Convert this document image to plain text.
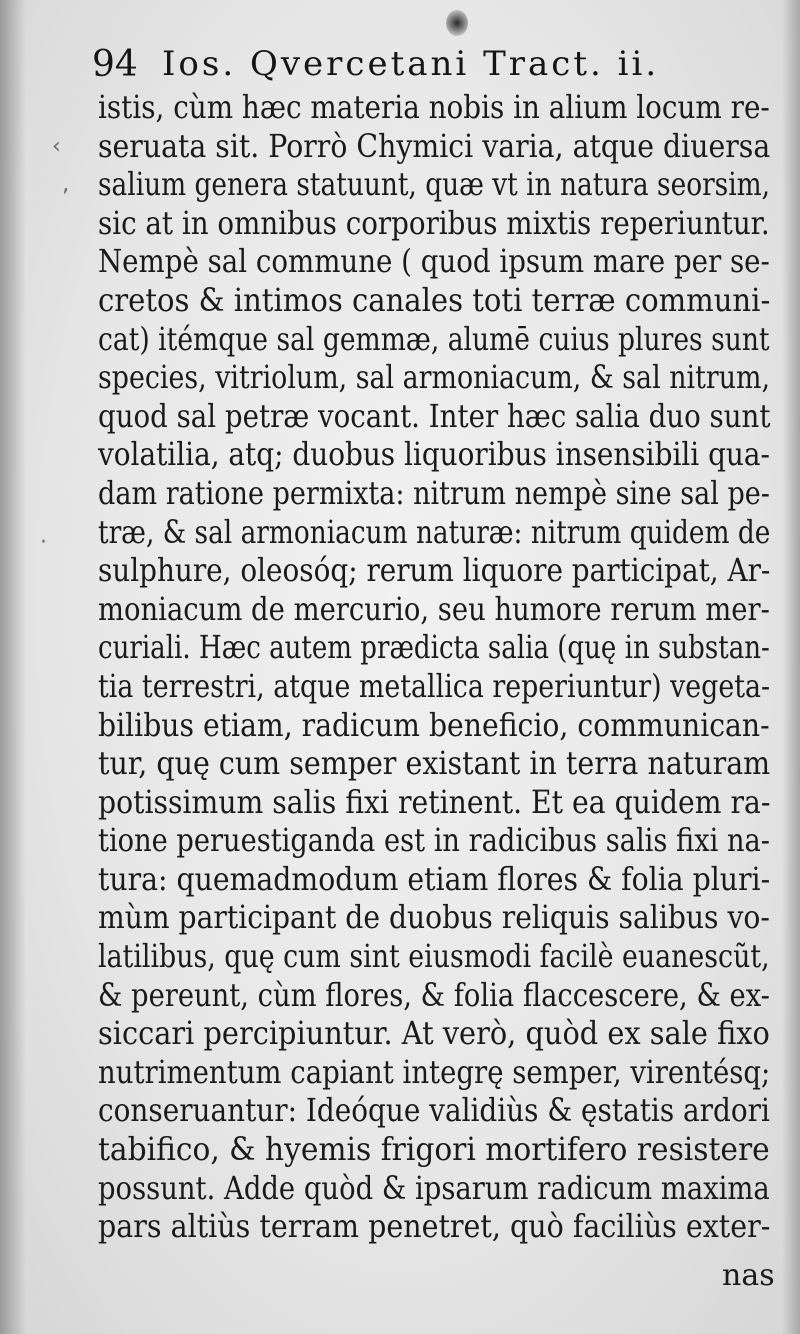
94 Ios. Qvercetani Tract. ii.
‹
‚
·
istis, cùm hæc materia nobis in alium locum re-
seruata sit. Porrò Chymici varia, atque diuersa
salium genera statuunt, quæ vt in natura seorsim,
sic at in omnibus corporibus mixtis reperiuntur.
Nempè sal commune ( quod ipsum mare per se-
cretos & intimos canales toti terræ communi-
cat) itémque sal gemmæ, alumē cuius plures sunt
species, vitriolum, sal armoniacum, & sal nitrum,
quod sal petræ vocant. Inter hæc salia duo sunt
volatilia, atq; duobus liquoribus insensibili qua-
dam ratione permixta: nitrum nempè sine sal pe-
træ, & sal armoniacum naturæ: nitrum quidem de
sulphure, oleosóq; rerum liquore participat, Ar-
moniacum de mercurio, seu humore rerum mer-
curiali. Hæc autem prædicta salia (quę in substan-
tia terrestri, atque metallica reperiuntur) vegeta-
bilibus etiam, radicum beneficio, communican-
tur, quę cum semper existant in terra naturam
potissimum salis fixi retinent. Et ea quidem ra-
tione peruestiganda est in radicibus salis fixi na-
tura: quemadmodum etiam flores & folia pluri-
mùm participant de duobus reliquis salibus vo-
latilibus, quę cum sint eiusmodi facilè euanescũt,
& pereunt, cùm flores, & folia flaccescere, & ex-
siccari percipiuntur. At verò, quòd ex sale fixo
nutrimentum capiant integrę semper, virentésq;
conseruantur: Ideóque validiùs & ęstatis ardori
tabifico, & hyemis frigori mortifero resistere
possunt. Adde quòd & ipsarum radicum maxima
pars altiùs terram penetret, quò faciliùs exter-
nas
